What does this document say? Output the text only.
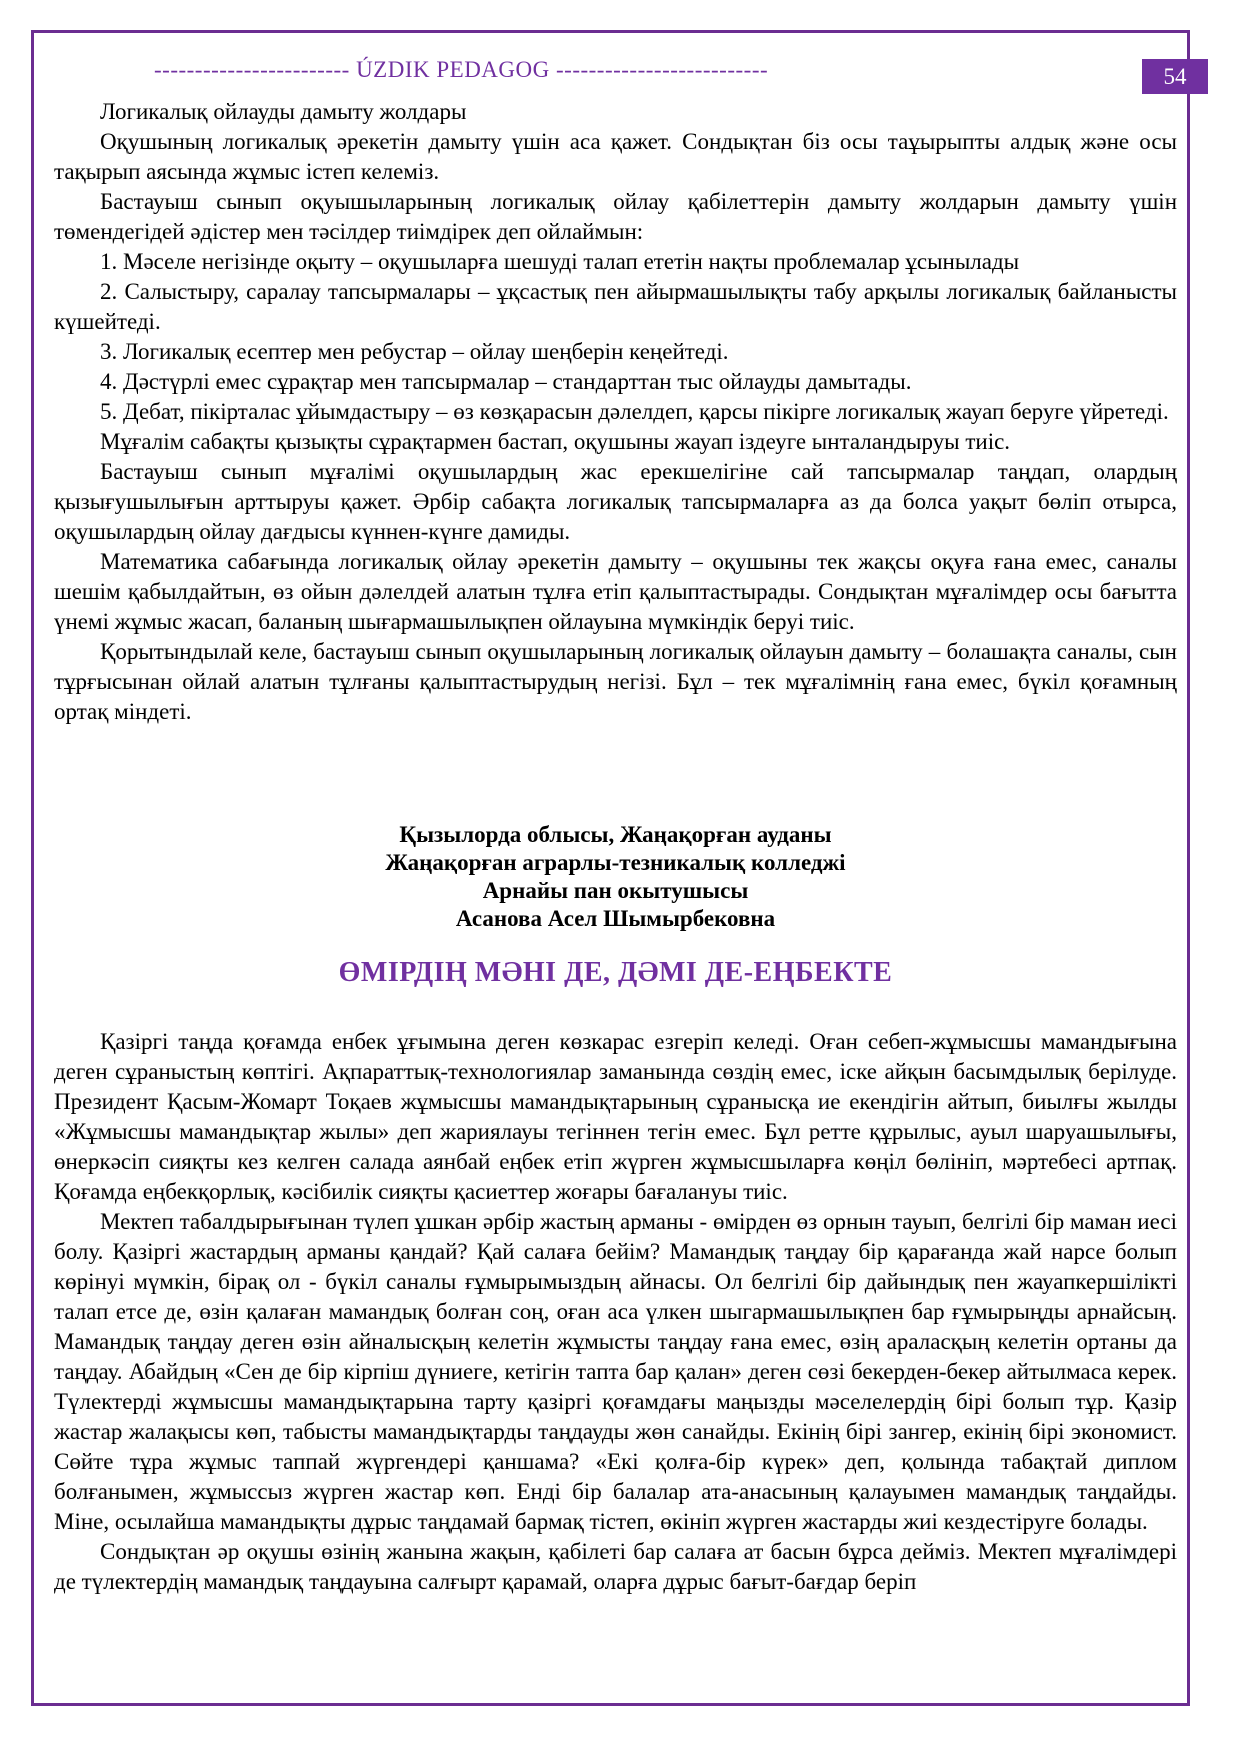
54
------------------------ ÚZDIK PEDAGOG --------------------------

Логикалық ойлауды дамыту жолдары

Оқушының логикалық әрекетін дамыту үшін аса қажет. Сондықтан біз осы таұырыпты алдық және осы тақырып аясында жұмыс істеп келеміз.

Бастауыш сынып оқуышыларының логикалық ойлау қабілеттерін дамыту жолдарын дамыту үшін төмендегідей әдістер мен тәсілдер тиімдірек деп ойлаймын:

1. Мәселе негізінде оқыту – оқушыларға шешуді талап ететін нақты проблемалар ұсынылады

2. Салыстыру, саралау тапсырмалары – ұқсастық пен айырмашылықты табу арқылы логикалық байланысты күшейтеді.

3. Логикалық есептер мен ребустар – ойлау шеңберін кеңейтеді.

4. Дәстүрлі емес сұрақтар мен тапсырмалар – стандарттан тыс ойлауды дамытады.

5. Дебат, пікірталас ұйымдастыру – өз көзқарасын дәлелдеп, қарсы пікірге логикалық жауап беруге үйретеді.

Мұғалім сабақты қызықты сұрақтармен бастап, оқушыны жауап іздеуге ынталандыруы тиіс.

Бастауыш сынып мұғалімі оқушылардың жас ерекшелігіне сай тапсырмалар таңдап, олардың қызығушылығын арттыруы қажет. Әрбір сабақта логикалық тапсырмаларға аз да болса уақыт бөліп отырса, оқушылардың ойлау дағдысы күннен-күнге дамиды.

Математика сабағында логикалық ойлау әрекетін дамыту – оқушыны тек жақсы оқуға ғана емес, саналы шешім қабылдайтын, өз ойын дәлелдей алатын тұлға етіп қалыптастырады. Сондықтан мұғалімдер осы бағытта үнемі жұмыс жасап, баланың шығармашылықпен ойлауына мүмкіндік беруі тиіс.

Қорытындылай келе, бастауыш сынып оқушыларының логикалық ойлауын дамыту – болашақта саналы, сын тұрғысынан ойлай алатын тұлғаны қалыптастырудың негізі. Бұл – тек мұғалімнің ғана емес, бүкіл қоғамның ортақ міндеті.

Қызылорда облысы, Жаңақорған ауданы
Жаңақорған аграрлы-тезникалық колледжі
Арнайы пан окытушысы
Асанова Асел Шымырбековна
ӨМІРДІҢ МӘНІ ДЕ, ДӘМІ ДЕ-ЕҢБЕКТЕ

Қазіргі таңда қоғамда енбек ұғымына деген көзкарас езгеріп келеді. Оған себеп-жұмысшы мамандығына деген сұраныстың көптігі. Ақпараттық-технологиялар заманында сөздің емес, іске айқын басымдылық берілуде. Президент Қасым-Жомарт Тоқаев жұмысшы мамандықтарының сұранысқа ие екендігін айтып, биылғы жылды «Жұмысшы мамандықтар жылы» деп жариялауы тегіннен тегін емес. Бұл ретте құрылыс, ауыл шаруашылығы, өнеркәсіп сияқты кез келген салада аянбай еңбек етіп жүрген жұмысшыларға көңіл бөлініп, мәртебесі артпақ. Қоғамда еңбекқорлық, кәсібилік сияқты қасиеттер жоғары бағалануы тиіс.

Мектеп табалдырығынан түлеп ұшкан әрбір жастың арманы - өмірден өз орнын тауып, белгілі бір маман иесі болу. Қазіргі жастардың арманы қандай? Қай салаға бейім? Мамандық таңдау бір қарағанда жай нарсе болып көрінуі мүмкін, бірақ ол - бүкіл саналы ғұмырымыздың айнасы. Ол белгілі бір дайындық пен жауапкершілікті талап етсе де, өзін қалаған мамандық болған соң, оған аса үлкен шыгармашылықпен бар ғұмырыңды арнайсың. Мамандық таңдау деген өзін айналысқың келетін жұмысты таңдау ғана емес, өзің араласқың келетін ортаны да таңдау. Абайдың «Сен де бір кірпіш дүниеге, кетігін тапта бар қалан» деген сөзі бекерден-бекер айтылмаса керек. Түлектерді жұмысшы мамандықтарына тарту қазіргі қоғамдағы маңызды мәселелердің бірі болып тұр. Қазір жастар жалақысы көп, табысты мамандықтарды таңдауды жөн санайды. Екінің бірі зангер, екінің бірі экономист. Сөйте тұра жұмыс таппай жүргендері қаншама? «Екі қолға-бір күрек» деп, қолында табақтай диплом болғанымен, жұмыссыз жүрген жастар көп. Енді бір балалар ата-анасының қалауымен мамандық таңдайды. Міне, осылайша мамандықты дұрыс таңдамай бармақ тістеп, өкініп жүрген жастарды жиі кездестіруге болады.

Сондықтан әр оқушы өзінің жанына жақын, қабілеті бар салаға ат басын бұрса дейміз. Мектеп мұғалімдері де түлектердің мамандық таңдауына салғырт қарамай, оларға дұрыс бағыт-бағдар беріп
